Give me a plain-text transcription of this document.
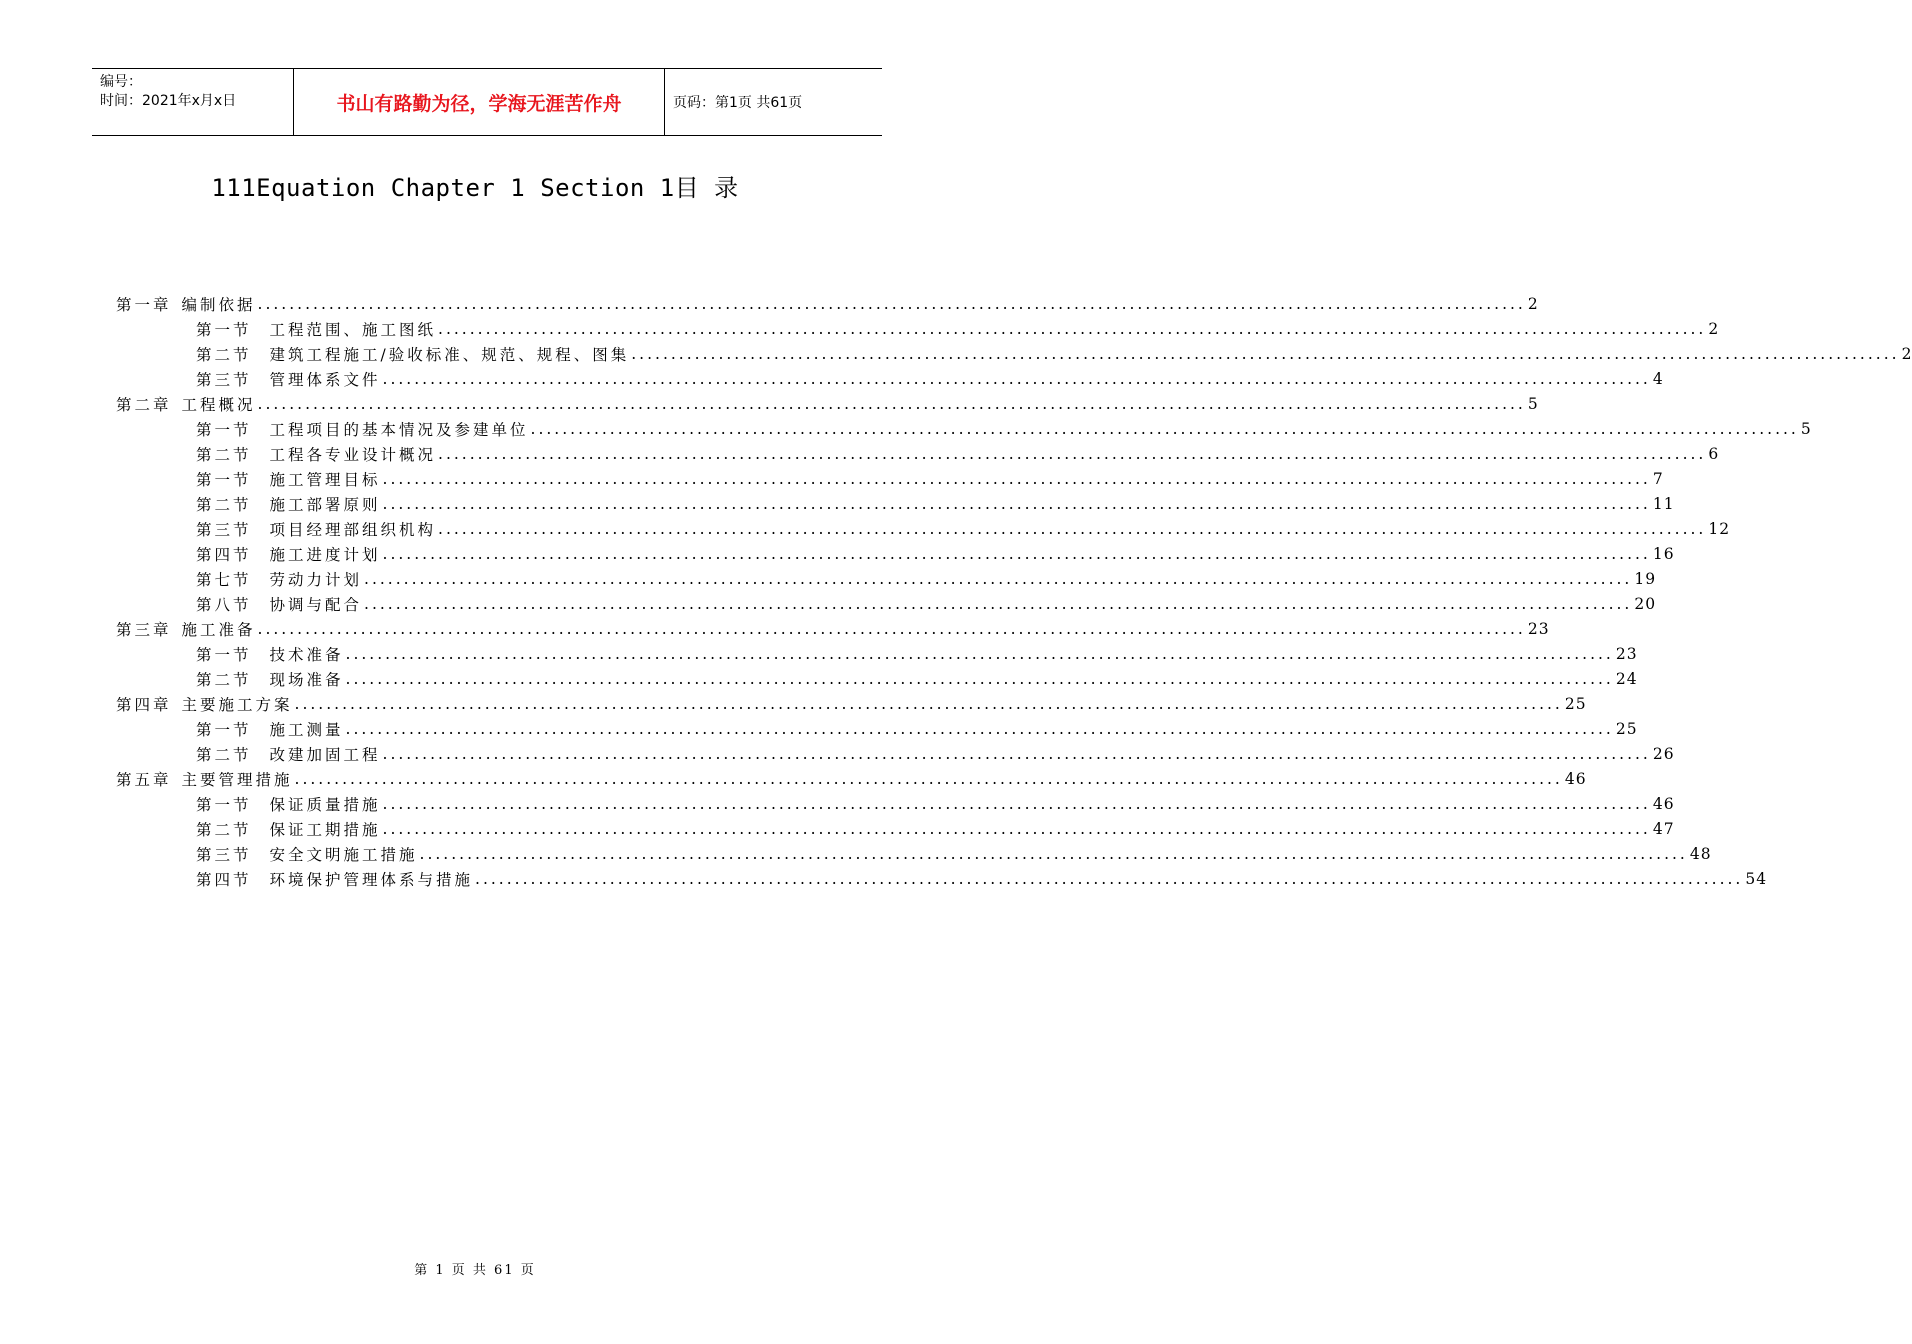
编号：
时间：2021年x月x日	书山有路勤为径，学海无涯苦作舟	页码：第1页 共61页
111Equation Chapter 1 Section 1目 录
第一章 编制依据 ................................................................................................................................................................ 2
第一节 工程范围、施工图纸 ................................................................................................................................................................ 2
第二节 建筑工程施工/验收标准、规范、规程、图集 ................................................................................................................................................................ 2
第三节 管理体系文件 ................................................................................................................................................................ 4
第二章 工程概况 ................................................................................................................................................................ 5
第一节 工程项目的基本情况及参建单位 ................................................................................................................................................................ 5
第二节 工程各专业设计概况 ................................................................................................................................................................ 6
第一节 施工管理目标 ................................................................................................................................................................ 7
第二节 施工部署原则 ................................................................................................................................................................ 11
第三节 项目经理部组织机构 ................................................................................................................................................................ 12
第四节 施工进度计划 ................................................................................................................................................................ 16
第七节 劳动力计划 ................................................................................................................................................................ 19
第八节 协调与配合 ................................................................................................................................................................ 20
第三章 施工准备 ................................................................................................................................................................ 23
第一节 技术准备 ................................................................................................................................................................ 23
第二节 现场准备 ................................................................................................................................................................ 24
第四章 主要施工方案 ................................................................................................................................................................ 25
第一节 施工测量 ................................................................................................................................................................ 25
第二节 改建加固工程 ................................................................................................................................................................ 26
第五章 主要管理措施 ................................................................................................................................................................ 46
第一节 保证质量措施 ................................................................................................................................................................ 46
第二节 保证工期措施 ................................................................................................................................................................ 47
第三节 安全文明施工措施 ................................................................................................................................................................ 48
第四节 环境保护管理体系与措施 ................................................................................................................................................................ 54
第 1 页 共 61 页
